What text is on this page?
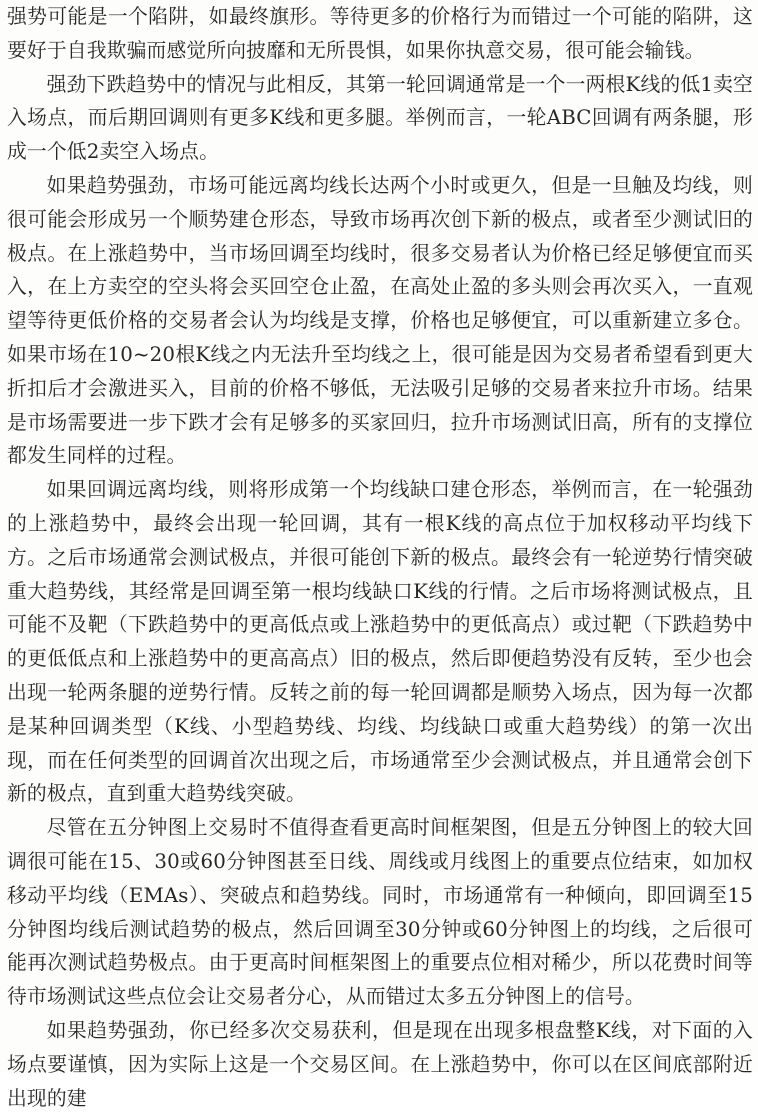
强势可能是一个陷阱，如最终旗形。等待更多的价格行为而错过一个可能的陷阱，这要好于自我欺骗而感觉所向披靡和无所畏惧，如果你执意交易，很可能会输钱。

强劲下跌趋势中的情况与此相反，其第一轮回调通常是一个一两根K线的低1卖空入场点，而后期回调则有更多K线和更多腿。举例而言，一轮ABC回调有两条腿，形成一个低2卖空入场点。

如果趋势强劲，市场可能远离均线长达两个小时或更久，但是一旦触及均线，则很可能会形成另一个顺势建仓形态，导致市场再次创下新的极点，或者至少测试旧的极点。在上涨趋势中，当市场回调至均线时，很多交易者认为价格已经足够便宜而买入，在上方卖空的空头将会买回空仓止盈，在高处止盈的多头则会再次买入，一直观望等待更低价格的交易者会认为均线是支撑，价格也足够便宜，可以重新建立多仓。如果市场在10~20根K线之内无法升至均线之上，很可能是因为交易者希望看到更大折扣后才会激进买入，目前的价格不够低，无法吸引足够的交易者来拉升市场。结果是市场需要进一步下跌才会有足够多的买家回归，拉升市场测试旧高，所有的支撑位都发生同样的过程。

如果回调远离均线，则将形成第一个均线缺口建仓形态，举例而言，在一轮强劲的上涨趋势中，最终会出现一轮回调，其有一根K线的高点位于加权移动平均线下方。之后市场通常会测试极点，并很可能创下新的极点。最终会有一轮逆势行情突破重大趋势线，其经常是回调至第一根均线缺口K线的行情。之后市场将测试极点，且可能不及靶（下跌趋势中的更高低点或上涨趋势中的更低高点）或过靶（下跌趋势中的更低低点和上涨趋势中的更高高点）旧的极点，然后即便趋势没有反转，至少也会出现一轮两条腿的逆势行情。反转之前的每一轮回调都是顺势入场点，因为每一次都是某种回调类型（K线、小型趋势线、均线、均线缺口或重大趋势线）的第一次出现，而在任何类型的回调首次出现之后，市场通常至少会测试极点，并且通常会创下新的极点，直到重大趋势线突破。

尽管在五分钟图上交易时不值得查看更高时间框架图，但是五分钟图上的较大回调很可能在15、30或60分钟图甚至日线、周线或月线图上的重要点位结束，如加权移动平均线（EMAs）、突破点和趋势线。同时，市场通常有一种倾向，即回调至15分钟图均线后测试趋势的极点，然后回调至30分钟或60分钟图上的均线，之后很可能再次测试趋势极点。由于更高时间框架图上的重要点位相对稀少，所以花费时间等待市场测试这些点位会让交易者分心，从而错过太多五分钟图上的信号。

如果趋势强劲，你已经多次交易获利，但是现在出现多根盘整K线，对下面的入场点要谨慎，因为实际上这是一个交易区间。在上涨趋势中，你可以在区间底部附近出现的建
